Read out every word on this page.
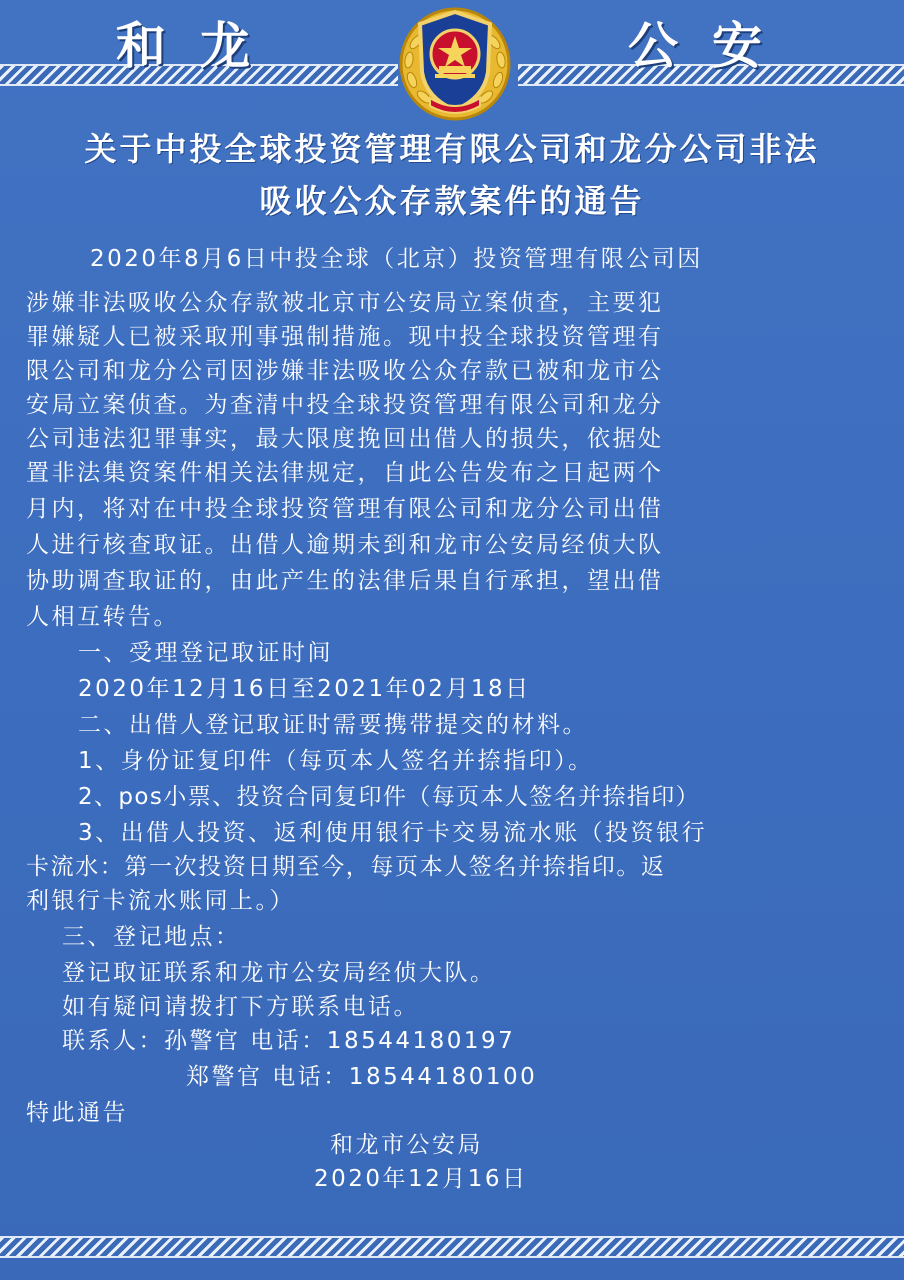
和龙	公安
关于中投全球投资管理有限公司和龙分公司非法
吸收公众存款案件的通告
2020年8月6日中投全球（北京）投资管理有限公司因
涉嫌非法吸收公众存款被北京市公安局立案侦查，主要犯
罪嫌疑人已被采取刑事强制措施。现中投全球投资管理有
限公司和龙分公司因涉嫌非法吸收公众存款已被和龙市公
安局立案侦查。为查清中投全球投资管理有限公司和龙分
公司违法犯罪事实，最大限度挽回出借人的损失，依据处
置非法集资案件相关法律规定，自此公告发布之日起两个
月内，将对在中投全球投资管理有限公司和龙分公司出借
人进行核查取证。出借人逾期未到和龙市公安局经侦大队
协助调查取证的，由此产生的法律后果自行承担，望出借
人相互转告。
一、受理登记取证时间
2020年12月16日至2021年02月18日
二、出借人登记取证时需要携带提交的材料。
1、身份证复印件（每页本人签名并捺指印）。
2、pos小票、投资合同复印件（每页本人签名并捺指印）
3、出借人投资、返利使用银行卡交易流水账（投资银行
卡流水：第一次投资日期至今，每页本人签名并捺指印。返
利银行卡流水账同上。）
三、登记地点：
登记取证联系和龙市公安局经侦大队。
如有疑问请拨打下方联系电话。
联系人：孙警官 电话：18544180197
郑警官 电话：18544180100
特此通告
和龙市公安局
2020年12月16日
